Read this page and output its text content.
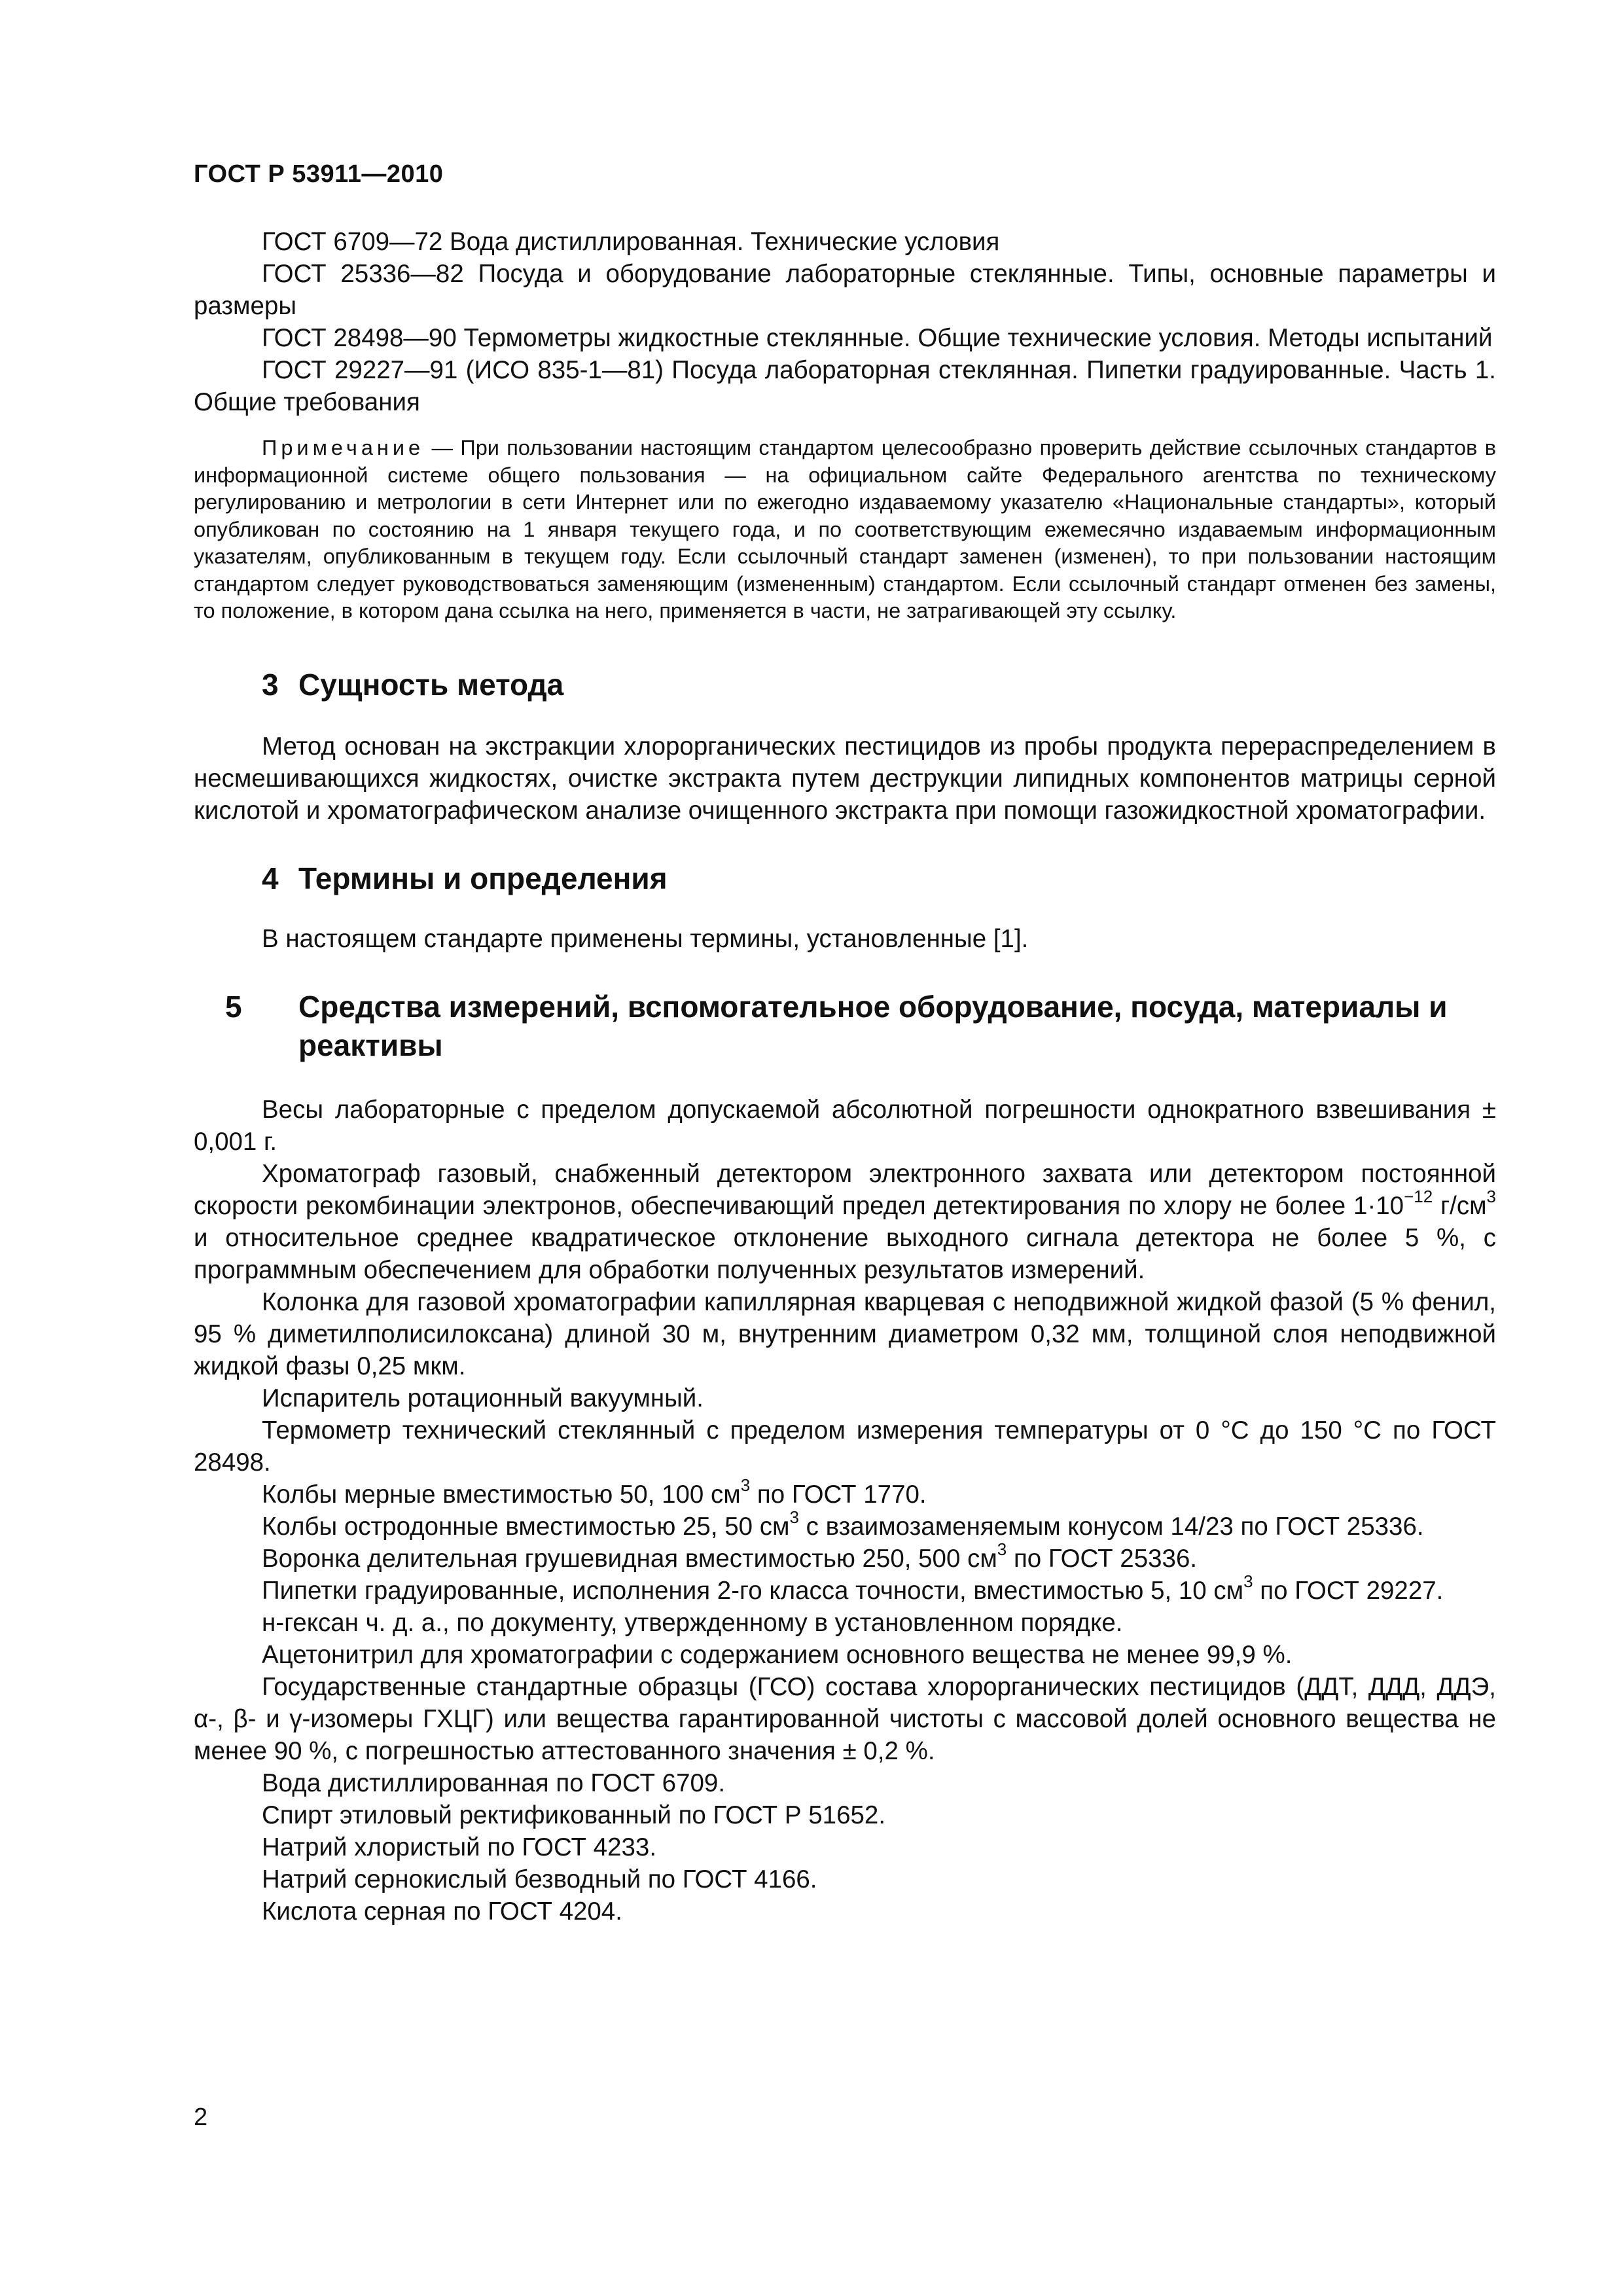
ГОСТ Р 53911—2010

ГОСТ 6709—72 Вода дистиллированная. Технические условия

ГОСТ 25336—82 Посуда и оборудование лабораторные стеклянные. Типы, основные параметры и размеры

ГОСТ 28498—90 Термометры жидкостные стеклянные. Общие технические условия. Методы испытаний

ГОСТ 29227—91 (ИСО 835-1—81) Посуда лабораторная стеклянная. Пипетки градуированные. Часть 1. Общие требования

Примечание — При пользовании настоящим стандартом целесообразно проверить действие ссылочных стандартов в информационной системе общего пользования — на официальном сайте Федерального агентства по техническому регулированию и метрологии в сети Интернет или по ежегодно издаваемому указателю «Национальные стандарты», который опубликован по состоянию на 1 января текущего года, и по соответствующим ежемесячно издаваемым информационным указателям, опубликованным в текущем году. Если ссылочный стандарт заменен (изменен), то при пользовании настоящим стандартом следует руководствоваться заменяющим (измененным) стандартом. Если ссылочный стандарт отменен без замены, то положение, в котором дана ссылка на него, применяется в части, не затрагивающей эту ссылку.

3 Сущность метода

Метод основан на экстракции хлорорганических пестицидов из пробы продукта перераспределением в несмешивающихся жидкостях, очистке экстракта путем деструкции липидных компонентов матрицы серной кислотой и хроматографическом анализе очищенного экстракта при помощи газожидкостной хроматографии.

4 Термины и определения

В настоящем стандарте применены термины, установленные [1].

5 Средства измерений, вспомогательное оборудование, посуда, материалы и реактивы

Весы лабораторные с пределом допускаемой абсолютной погрешности однократного взвешивания ± 0,001 г.

Хроматограф газовый, снабженный детектором электронного захвата или детектором постоянной скорости рекомбинации электронов, обеспечивающий предел детектирования по хлору не более $1\cdot 10^{-12}$ $г/см^3$ и относительное среднее квадратическое отклонение выходного сигнала детектора не более 5 %, с программным обеспечением для обработки полученных результатов измерений.

Колонка для газовой хроматографии капиллярная кварцевая с неподвижной жидкой фазой (5 % фенил, 95 % диметилполисилоксана) длиной 30 м, внутренним диаметром 0,32 мм, толщиной слоя неподвижной жидкой фазы 0,25 мкм.

Испаритель ротационный вакуумный.

Термометр технический стеклянный с пределом измерения температуры от 0 °С до 150 °С по ГОСТ 28498.

Колбы мерные вместимостью 50, 100 $см^3$ по ГОСТ 1770.

Колбы остродонные вместимостью 25, 50 $см^3$ с взаимозаменяемым конусом 14/23 по ГОСТ 25336.

Воронка делительная грушевидная вместимостью 250, 500 $см^3$ по ГОСТ 25336.

Пипетки градуированные, исполнения 2-го класса точности, вместимостью 5, 10 $см^3$ по ГОСТ 29227.

н-гексан ч. д. а., по документу, утвержденному в установленном порядке.

Ацетонитрил для хроматографии с содержанием основного вещества не менее 99,9 %.

Государственные стандартные образцы (ГСО) состава хлорорганических пестицидов (ДДТ, ДДД, ДДЭ, α-, β- и γ-изомеры ГХЦГ) или вещества гарантированной чистоты с массовой долей основного вещества не менее 90 %, с погрешностью аттестованного значения ± 0,2 %.

Вода дистиллированная по ГОСТ 6709.

Спирт этиловый ректификованный по ГОСТ Р 51652.

Натрий хлористый по ГОСТ 4233.

Натрий сернокислый безводный по ГОСТ 4166.

Кислота серная по ГОСТ 4204.

2
